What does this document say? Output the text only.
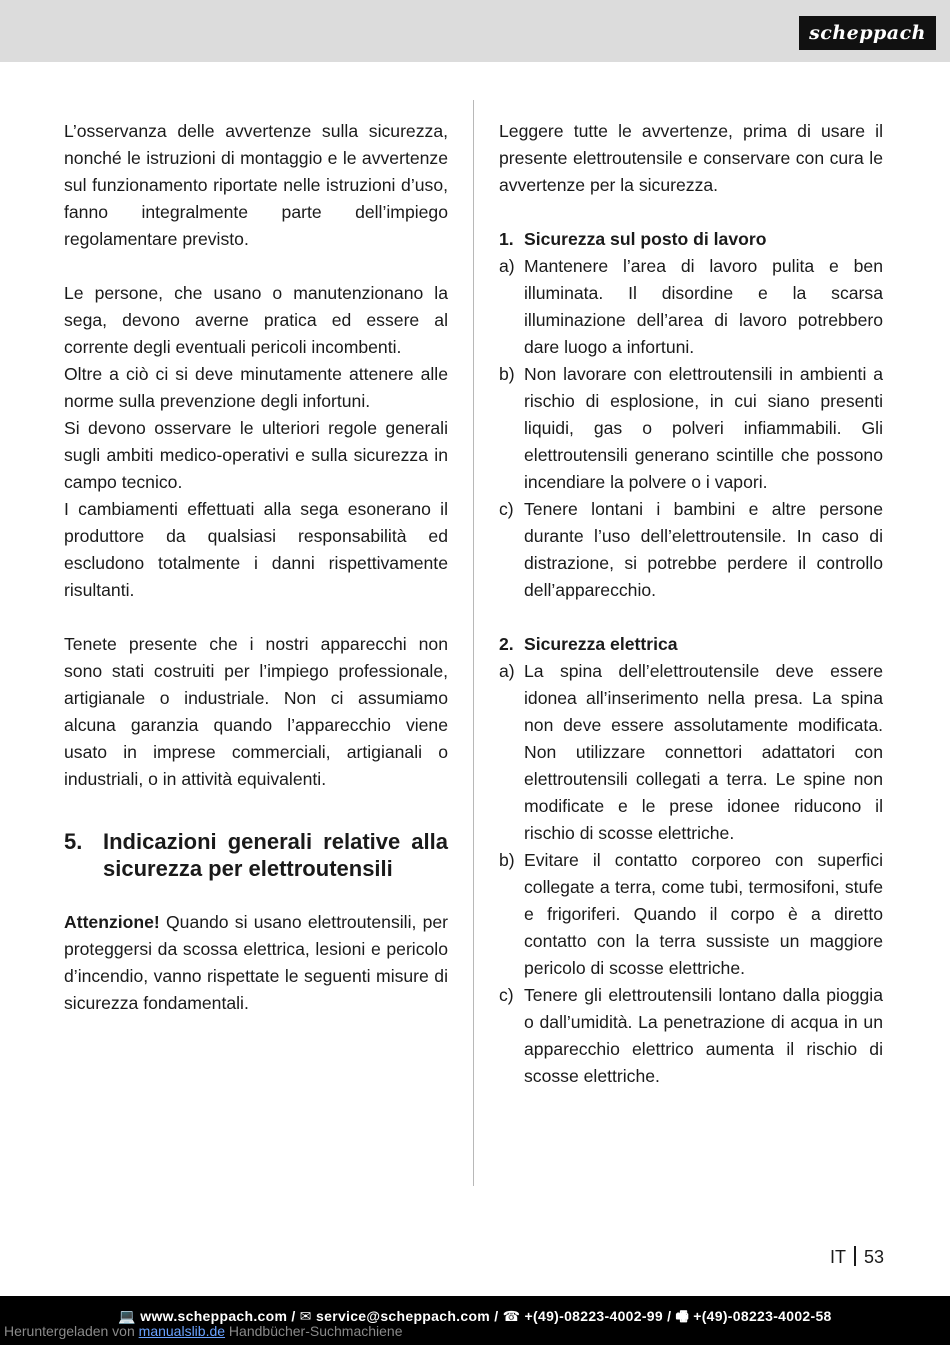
scheppach

L’osservanza delle avvertenze sulla sicurezza, nonché le istruzioni di montaggio e le avvertenze sul funzionamento riportate nelle istruzioni d’uso, fanno integralmente parte dell’impiego regolamentare previsto.

Le persone, che usano o manutenzionano la sega, devono averne pratica ed essere al corrente degli eventuali pericoli incombenti.

Oltre a ciò ci si deve minutamente attenere alle norme sulla prevenzione degli infortuni.

Si devono osservare le ulteriori regole generali sugli ambiti medico-operativi e sulla sicurezza in campo tecnico.

I cambiamenti effettuati alla sega esonerano il produttore da qualsiasi responsabilità ed escludono totalmente i danni rispettivamente risultanti.

Tenete presente che i nostri apparecchi non sono stati costruiti per l’impiego professionale, artigianale o industriale. Non ci assumiamo alcuna garanzia quando l’apparecchio viene usato in imprese commerciali, artigianali o industriali, o in attività equivalenti.

5. Indicazioni generali relative alla sicurezza per elettroutensili

Attenzione! Quando si usano elettroutensili, per proteggersi da scossa elettrica, lesioni e pericolo d’incendio, vanno rispettate le seguenti misure di sicurezza fondamentali.

Leggere tutte le avvertenze, prima di usare il presente elettroutensile e conservare con cura le avvertenze per la sicurezza.

1. Sicurezza sul posto di lavoro
a) Mantenere l’area di lavoro pulita e ben illuminata. Il disordine e la scarsa illuminazione dell’area di lavoro potrebbero dare luogo a infortuni.
b) Non lavorare con elettroutensili in ambienti a rischio di esplosione, in cui siano presenti liquidi, gas o polveri infiammabili. Gli elettroutensili generano scintille che possono incendiare la polvere o i vapori.
c) Tenere lontani i bambini e altre persone durante l’uso dell’elettroutensile. In caso di distrazione, si potrebbe perdere il controllo dell’apparecchio.
2. Sicurezza elettrica
a) La spina dell’elettroutensile deve essere idonea all’inserimento nella presa. La spina non deve essere assolutamente modificata. Non utilizzare connettori adattatori con elettroutensili collegati a terra. Le spine non modificate e le prese idonee riducono il rischio di scosse elettriche.
b) Evitare il contatto corporeo con superfici collegate a terra, come tubi, termosifoni, stufe e frigoriferi. Quando il corpo è a diretto contatto con la terra sussiste un maggiore pericolo di scosse elettriche.
c) Tenere gli elettroutensili lontano dalla pioggia o dall’umidità. La penetrazione di acqua in un apparecchio elettrico aumenta il rischio di scosse elettriche.
IT 53
💻 www.scheppach.com / ✉ service@scheppach.com / ☎ +(49)-08223-4002-99 / 🖷 +(49)-08223-4002-58
Heruntergeladen von manualslib.de Handbücher-Suchmachiene
